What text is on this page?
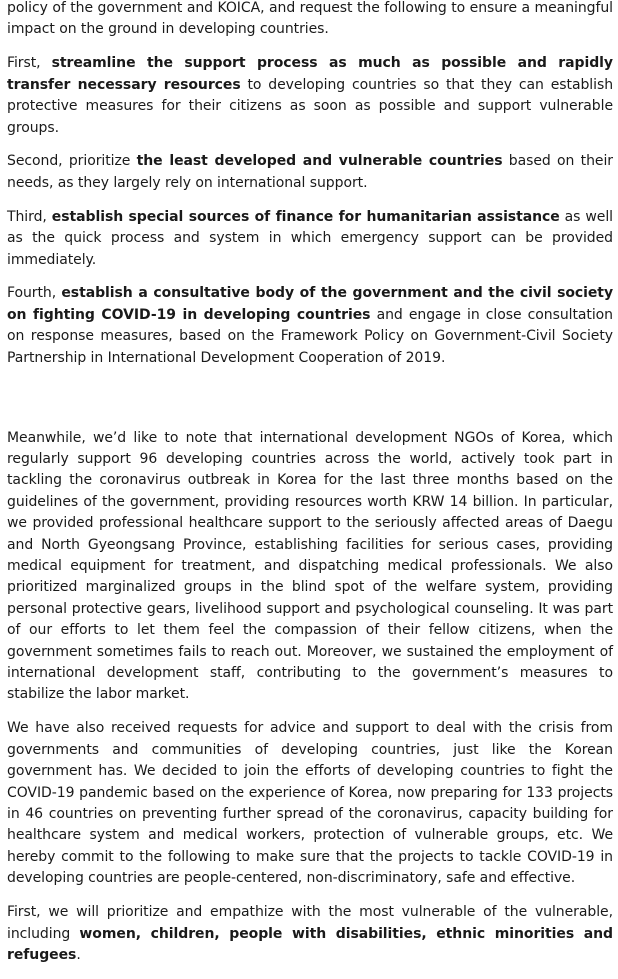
policy of the government and KOICA, and request the following to ensure a meaningful impact on the ground in developing countries.

First, streamline the support process as much as possible and rapidly transfer necessary resources to developing countries so that they can establish protective measures for their citizens as soon as possible and support vulnerable groups.

Second, prioritize the least developed and vulnerable countries based on their needs, as they largely rely on international support.

Third, establish special sources of finance for humanitarian assistance as well as the quick process and system in which emergency support can be provided immediately.

Fourth, establish a consultative body of the government and the civil society on fighting COVID-19 in developing countries and engage in close consultation on response measures, based on the Framework Policy on Government-Civil Society Partnership in International Development Cooperation of 2019.

Meanwhile, we’d like to note that international development NGOs of Korea, which regularly support 96 developing countries across the world, actively took part in tackling the coronavirus outbreak in Korea for the last three months based on the guidelines of the government, providing resources worth KRW 14 billion. In particular, we provided professional healthcare support to the seriously affected areas of Daegu and North Gyeongsang Province, establishing facilities for serious cases, providing medical equipment for treatment, and dispatching medical professionals. We also prioritized marginalized groups in the blind spot of the welfare system, providing personal protective gears, livelihood support and psychological counseling. It was part of our efforts to let them feel the compassion of their fellow citizens, when the government sometimes fails to reach out. Moreover, we sustained the employment of international development staff, contributing to the government’s measures to stabilize the labor market.

We have also received requests for advice and support to deal with the crisis from governments and communities of developing countries, just like the Korean government has. We decided to join the efforts of developing countries to fight the COVID-19 pandemic based on the experience of Korea, now preparing for 133 projects in 46 countries on preventing further spread of the coronavirus, capacity building for healthcare system and medical workers, protection of vulnerable groups, etc. We hereby commit to the following to make sure that the projects to tackle COVID-19 in developing countries are people-centered, non-discriminatory, safe and effective.

First, we will prioritize and empathize with the most vulnerable of the vulnerable, including women, children, people with disabilities, ethnic minorities and refugees.
